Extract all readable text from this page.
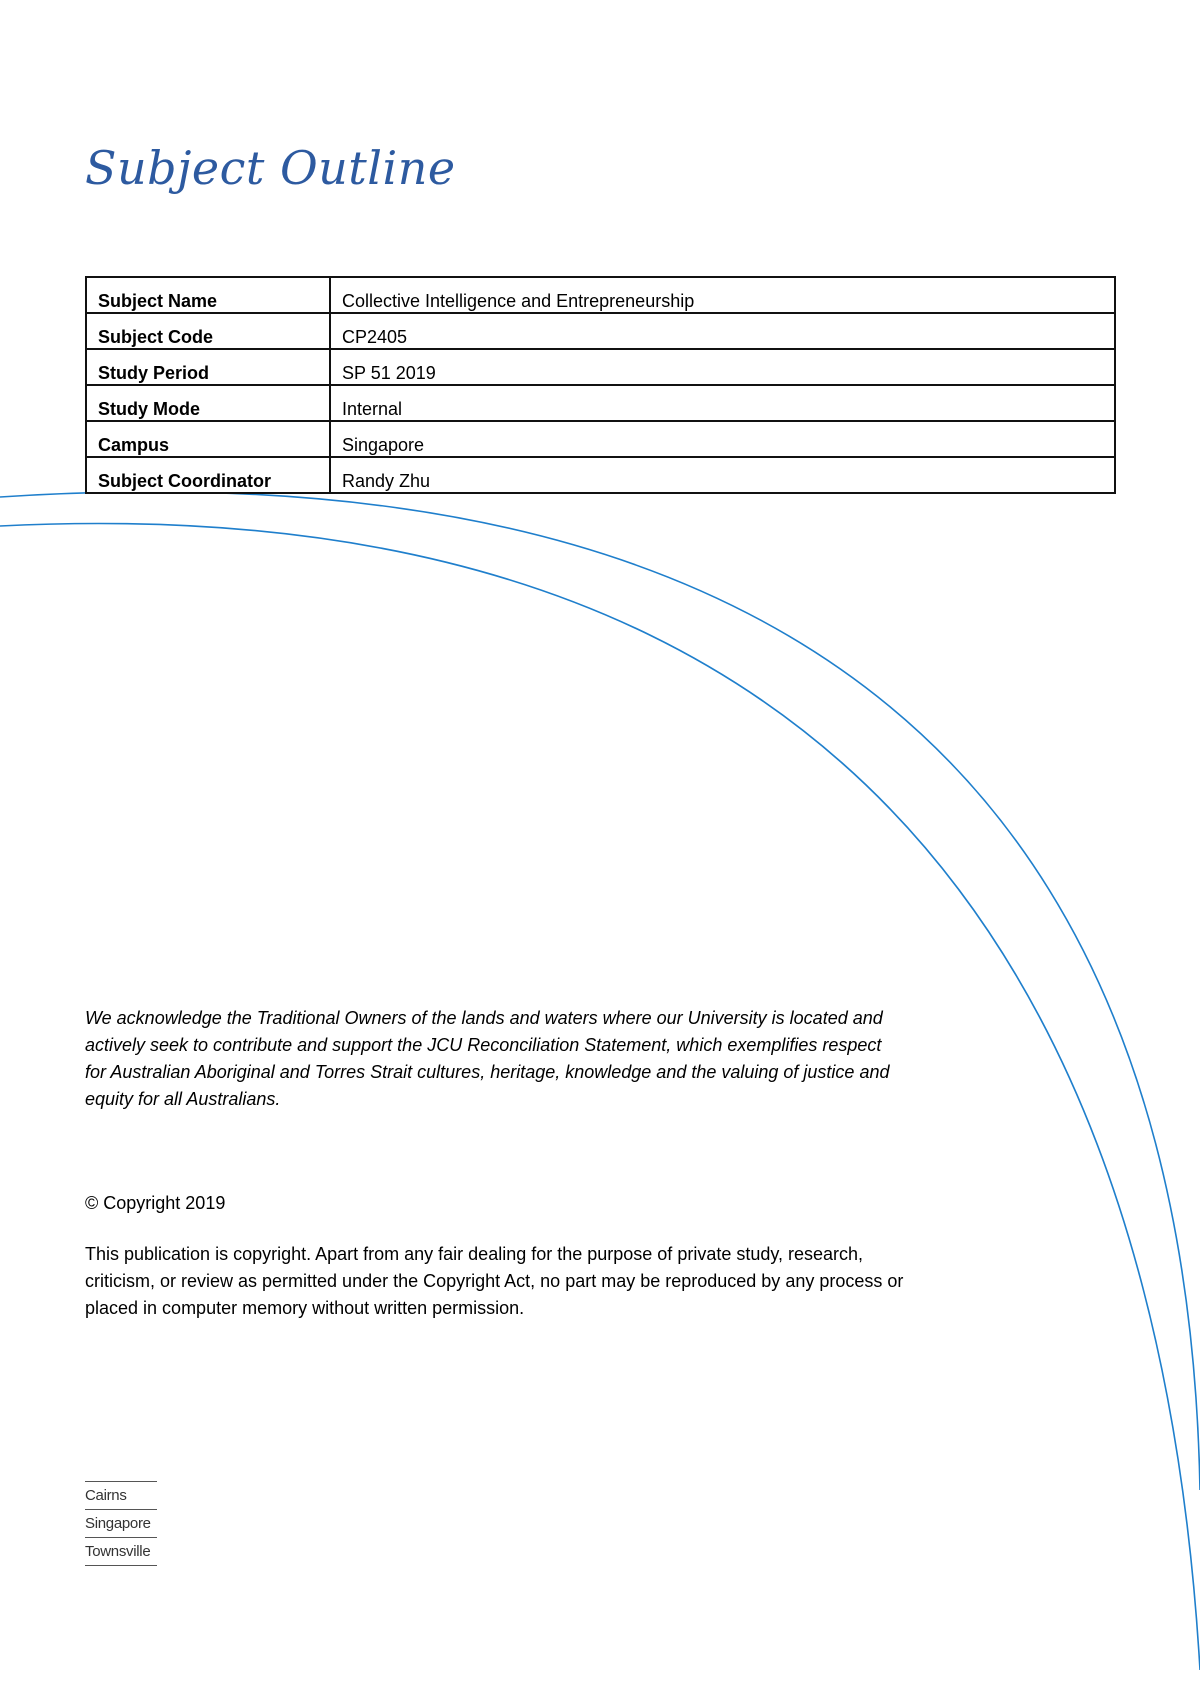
Subject Outline
Subject Name	Collective Intelligence and Entrepreneurship
Subject Code	CP2405
Study Period	SP 51 2019
Study Mode	Internal
Campus	Singapore
Subject Coordinator	Randy Zhu

We acknowledge the Traditional Owners of the lands and waters where our University is located and actively seek to contribute and support the JCU Reconciliation Statement, which exemplifies respect for Australian Aboriginal and Torres Strait cultures, heritage, knowledge and the valuing of justice and equity for all Australians.

© Copyright 2019

This publication is copyright. Apart from any fair dealing for the purpose of private study, research, criticism, or review as permitted under the Copyright Act, no part may be reproduced by any process or placed in computer memory without written permission.

Cairns
Singapore
Townsville
